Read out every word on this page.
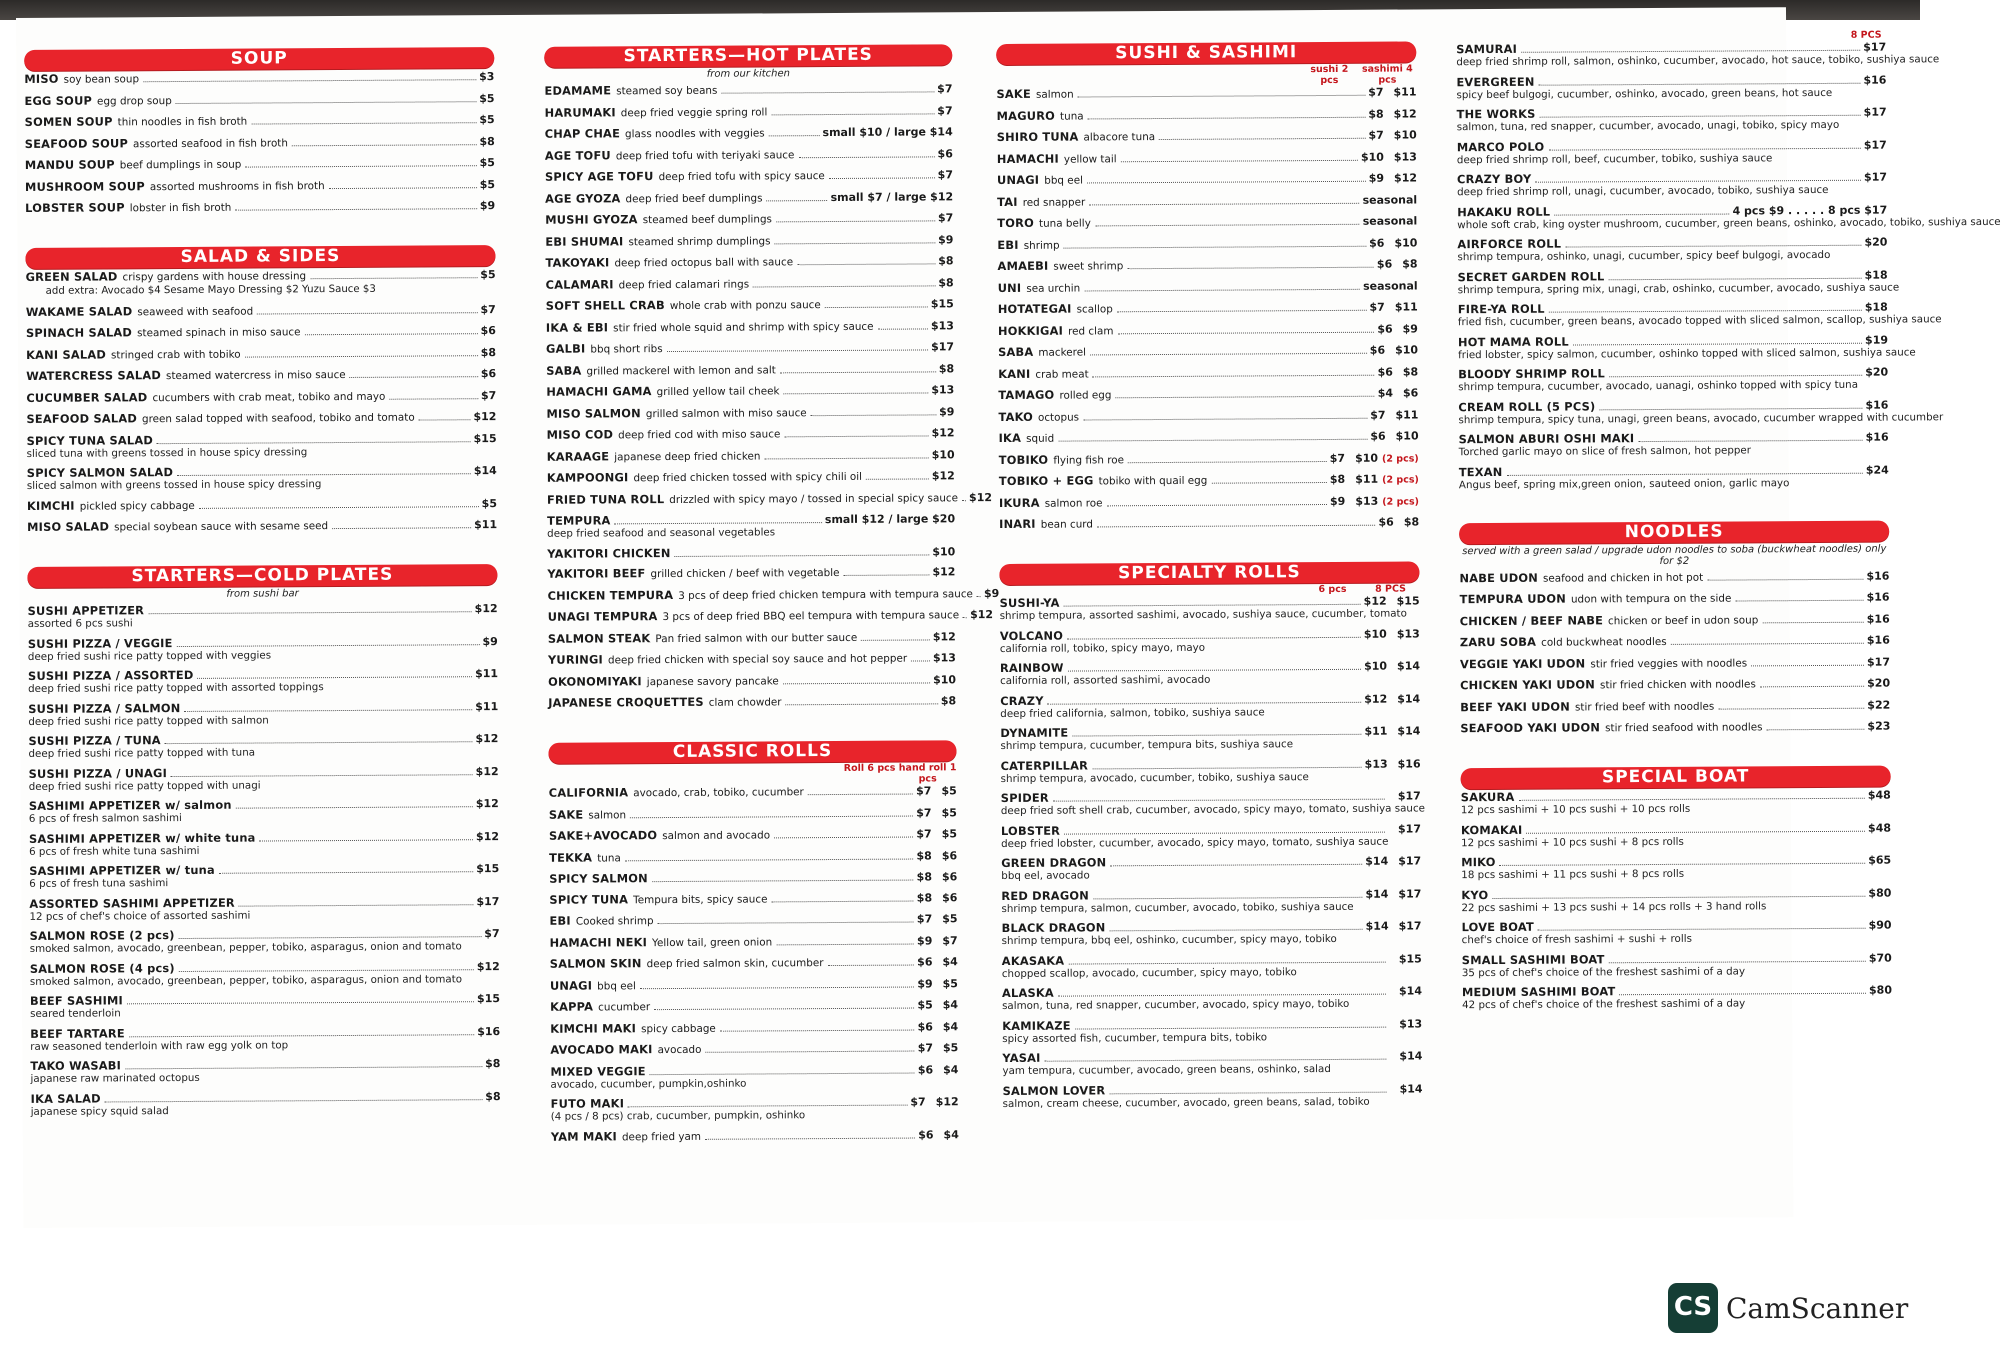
SOUP
MISO soy bean soup	$3
EGG SOUP egg drop soup	$5
SOMEN SOUP thin noodles in fish broth	$5
SEAFOOD SOUP assorted seafood in fish broth	$8
MANDU SOUP beef dumplings in soup	$5
MUSHROOM SOUP assorted mushrooms in fish broth	$5
LOBSTER SOUP lobster in fish broth	$9
SALAD & SIDES
GREEN SALAD crispy gardens with house dressing	$5
add extra: Avocado $4 Sesame Mayo Dressing $2 Yuzu Sauce $3
WAKAME SALAD seaweed with seafood	$7
SPINACH SALAD steamed spinach in miso sauce	$6
KANI SALAD stringed crab with tobiko	$8
WATERCRESS SALAD steamed watercress in miso sauce	$6
CUCUMBER SALAD cucumbers with crab meat, tobiko and mayo	$7
SEAFOOD SALAD green salad topped with seafood, tobiko and tomato	$12
SPICY TUNA SALAD	$15
sliced tuna with greens tossed in house spicy dressing
SPICY SALMON SALAD	$14
sliced salmon with greens tossed in house spicy dressing
KIMCHI pickled spicy cabbage	$5
MISO SALAD special soybean sauce with sesame seed	$11
STARTERS—COLD PLATES
from sushi bar
SUSHI APPETIZER	$12
assorted 6 pcs sushi
SUSHI PIZZA / VEGGIE	$9
deep fried sushi rice patty topped with veggies
SUSHI PIZZA / ASSORTED	$11
deep fried sushi rice patty topped with assorted toppings
SUSHI PIZZA / SALMON	$11
deep fried sushi rice patty topped with salmon
SUSHI PIZZA / TUNA	$12
deep fried sushi rice patty topped with tuna
SUSHI PIZZA / UNAGI	$12
deep fried sushi rice patty topped with unagi
SASHIMI APPETIZER w/ salmon	$12
6 pcs of fresh salmon sashimi
SASHIMI APPETIZER w/ white tuna	$12
6 pcs of fresh white tuna sashimi
SASHIMI APPETIZER w/ tuna	$15
6 pcs of fresh tuna sashimi
ASSORTED SASHIMI APPETIZER	$17
12 pcs of chef's choice of assorted sashimi
SALMON ROSE (2 pcs)	$7
smoked salmon, avocado, greenbean, pepper, tobiko, asparagus, onion and tomato
SALMON ROSE (4 pcs)	$12
smoked salmon, avocado, greenbean, pepper, tobiko, asparagus, onion and tomato
BEEF SASHIMI	$15
seared tenderloin
BEEF TARTARE	$16
raw seasoned tenderloin with raw egg yolk on top
TAKO WASABI	$8
japanese raw marinated octopus
IKA SALAD	$8
japanese spicy squid salad
STARTERS—HOT PLATES
from our kitchen
EDAMAME steamed soy beans	$7
HARUMAKI deep fried veggie spring roll	$7
CHAP CHAE glass noodles with veggies	small $10 / large $14
AGE TOFU deep fried tofu with teriyaki sauce	$6
SPICY AGE TOFU deep fried tofu with spicy sauce	$7
AGE GYOZA deep fried beef dumplings	small $7 / large $12
MUSHI GYOZA steamed beef dumplings	$7
EBI SHUMAI steamed shrimp dumplings	$9
TAKOYAKI deep fried octopus ball with sauce	$8
CALAMARI deep fried calamari rings	$8
SOFT SHELL CRAB whole crab with ponzu sauce	$15
IKA & EBI stir fried whole squid and shrimp with spicy sauce	$13
GALBI bbq short ribs	$17
SABA grilled mackerel with lemon and salt	$8
HAMACHI GAMA grilled yellow tail cheek	$13
MISO SALMON grilled salmon with miso sauce	$9
MISO COD deep fried cod with miso sauce	$12
KARAAGE japanese deep fried chicken	$10
KAMPOONGI deep fried chicken tossed with spicy chili oil	$12
FRIED TUNA ROLL drizzled with spicy mayo / tossed in special spicy sauce $12
TEMPURA	small $12 / large $20
deep fried seafood and seasonal vegetables
YAKITORI CHICKEN	$10
YAKITORI BEEF grilled chicken / beef with vegetable	$12
CHICKEN TEMPURA 3 pcs of deep fried chicken tempura with tempura sauce $9
UNAGI TEMPURA 3 pcs of deep fried BBQ eel tempura with tempura sauce $12
SALMON STEAK Pan fried salmon with our butter sauce	$12
YURINGI deep fried chicken with special soy sauce and hot pepper $13
OKONOMIYAKI japanese savory pancake	$10
JAPANESE CROQUETTES clam chowder	$8
CLASSIC ROLLS
Roll 6 pcs hand roll 1 pcs
CALIFORNIA avocado, crab, tobiko, cucumber	$7 $5
SAKE salmon	$7 $5
SAKE+AVOCADO salmon and avocado	$7 $5
TEKKA tuna	$8 $6
SPICY SALMON	$8 $6
SPICY TUNA Tempura bits, spicy sauce	$8 $6
EBI Cooked shrimp	$7 $5
HAMACHI NEKI Yellow tail, green onion	$9 $7
SALMON SKIN deep fried salmon skin, cucumber	$6 $4
UNAGI bbq eel	$9 $5
KAPPA cucumber	$5 $4
KIMCHI MAKI spicy cabbage	$6 $4
AVOCADO MAKI avocado	$7 $5
MIXED VEGGIE	$6 $4
avocado, cucumber, pumpkin,oshinko
FUTO MAKI	$7 $12
(4 pcs / 8 pcs) crab, cucumber, pumpkin, oshinko
YAM MAKI deep fried yam	$6 $4
SUSHI & SASHIMI
sushi 2 pcs
sashimi 4 pcs
SAKE salmon	$7 $11
MAGURO tuna	$8 $12
SHIRO TUNA albacore tuna	$7 $10
HAMACHI yellow tail	$10 $13
UNAGI bbq eel	$9 $12
TAI red snapper	seasonal
TORO tuna belly	seasonal
EBI shrimp	$6 $10
AMAEBI sweet shrimp	$6 $8
UNI sea urchin	seasonal
HOTATEGAI scallop	$7 $11
HOKKIGAI red clam	$6 $9
SABA mackerel	$6 $10
KANI crab meat	$6 $8
TAMAGO rolled egg	$4 $6
TAKO octopus	$7 $11
IKA squid	$6 $10
TOBIKO flying fish roe	$7 $10 (2 pcs)
TOBIKO + EGG tobiko with quail egg	$8 $11 (2 pcs)
IKURA salmon roe	$9 $13 (2 pcs)
INARI bean curd	$6 $8
SPECIALTY ROLLS
6 pcs	8 PCS
SUSHI-YA	$12 $15
shrimp tempura, assorted sashimi, avocado, sushiya sauce, cucumber, tomato
VOLCANO	$10 $13
california roll, tobiko, spicy mayo, mayo
RAINBOW	$10 $14
california roll, assorted sashimi, avocado
CRAZY	$12 $14
deep fried california, salmon, tobiko, sushiya sauce
DYNAMITE	$11 $14
shrimp tempura, cucumber, tempura bits, sushiya sauce
CATERPILLAR	$13 $16
shrimp tempura, avocado, cucumber, tobiko, sushiya sauce
SPIDER	$17
deep fried soft shell crab, cucumber, avocado, spicy mayo, tomato, sushiya sauce
LOBSTER	$17
deep fried lobster, cucumber, avocado, spicy mayo, tomato, sushiya sauce
GREEN DRAGON	$14 $17
bbq eel, avocado
RED DRAGON	$14 $17
shrimp tempura, salmon, cucumber, avocado, tobiko, sushiya sauce
BLACK DRAGON	$14 $17
shrimp tempura, bbq eel, oshinko, cucumber, spicy mayo, tobiko
AKASAKA	$15
chopped scallop, avocado, cucumber, spicy mayo, tobiko
ALASKA	$14
salmon, tuna, red snapper, cucumber, avocado, spicy mayo, tobiko
KAMIKAZE	$13
spicy assorted fish, cucumber, tempura bits, tobiko
YASAI	$14
yam tempura, cucumber, avocado, green beans, oshinko, salad
SALMON LOVER	$14
salmon, cream cheese, cucumber, avocado, green beans, salad, tobiko
8 PCS
SAMURAI	$17
deep fried shrimp roll, salmon, oshinko, cucumber, avocado, hot sauce, tobiko, sushiya sauce
EVERGREEN	$16
spicy beef bulgogi, cucumber, oshinko, avocado, green beans, hot sauce
THE WORKS	$17
salmon, tuna, red snapper, cucumber, avocado, unagi, tobiko, spicy mayo
MARCO POLO	$17
deep fried shrimp roll, beef, cucumber, tobiko, sushiya sauce
CRAZY BOY	$17
deep fried shrimp roll, unagi, cucumber, avocado, tobiko, sushiya sauce
HAKAKU ROLL	4 pcs $9 . . . . . 8 pcs $17
whole soft crab, king oyster mushroom, cucumber, green beans, oshinko, avocado, tobiko, sushiya sauce
AIRFORCE ROLL	$20
shrimp tempura, oshinko, unagi, cucumber, spicy beef bulgogi, avocado
SECRET GARDEN ROLL	$18
shrimp tempura, spring mix, unagi, crab, oshinko, cucumber, avocado, sushiya sauce
FIRE-YA ROLL	$18
fried fish, cucumber, green beans, avocado topped with sliced salmon, scallop, sushiya sauce
HOT MAMA ROLL	$19
fried lobster, spicy salmon, cucumber, oshinko topped with sliced salmon, sushiya sauce
BLOODY SHRIMP ROLL	$20
shrimp tempura, cucumber, avocado, uanagi, oshinko topped with spicy tuna
CREAM ROLL (5 PCS)	$16
shrimp tempura, spicy tuna, unagi, green beans, avocado, cucumber wrapped with cucumber
SALMON ABURI OSHI MAKI	$16
Torched garlic mayo on slice of fresh salmon, hot pepper
TEXAN	$24
Angus beef, spring mix,green onion, sauteed onion, garlic mayo
NOODLES
served with a green salad / upgrade udon noodles to soba (buckwheat noodles) only for $2
NABE UDON seafood and chicken in hot pot	$16
TEMPURA UDON udon with tempura on the side	$16
CHICKEN / BEEF NABE chicken or beef in udon soup	$16
ZARU SOBA cold buckwheat noodles	$16
VEGGIE YAKI UDON stir fried veggies with noodles	$17
CHICKEN YAKI UDON stir fried chicken with noodles	$20
BEEF YAKI UDON stir fried beef with noodles	$22
SEAFOOD YAKI UDON stir fried seafood with noodles	$23
SPECIAL BOAT
SAKURA	$48
12 pcs sashimi + 10 pcs sushi + 10 pcs rolls
KOMAKAI	$48
12 pcs sashimi + 10 pcs sushi + 8 pcs rolls
MIKO	$65
18 pcs sashimi + 11 pcs sushi + 8 pcs rolls
KYO	$80
22 pcs sashimi + 13 pcs sushi + 14 pcs rolls + 3 hand rolls
LOVE BOAT	$90
chef's choice of fresh sashimi + sushi + rolls
SMALL SASHIMI BOAT	$70
35 pcs of chef's choice of the freshest sashimi of a day
MEDIUM SASHIMI BOAT	$80
42 pcs of chef's choice of the freshest sashimi of a day
CS CamScanner
